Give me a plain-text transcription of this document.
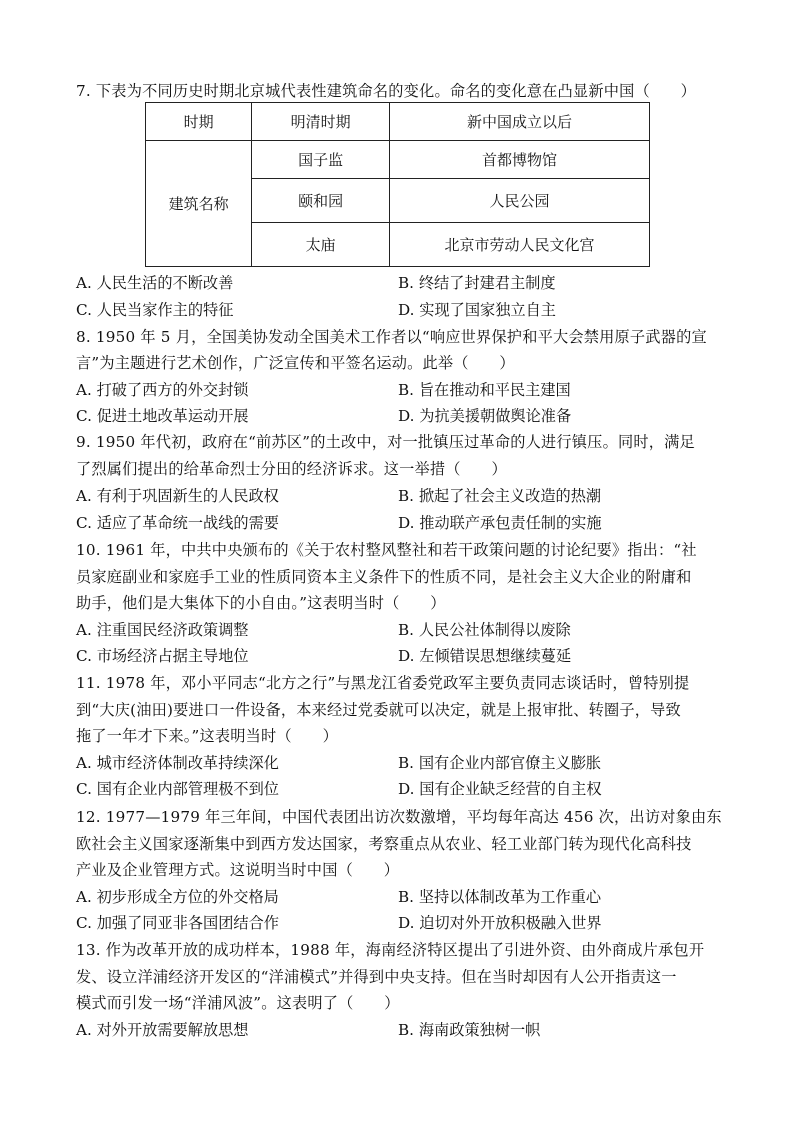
7. 下表为不同历史时期北京城代表性建筑命名的变化。命名的变化意在凸显新中国（　　）
时期	明清时期	新中国成立以后
建筑名称	国子监	首都博物馆
	颐和园	人民公园
	太庙	北京市劳动人民文化宫
A. 人民生活的不断改善	B. 终结了封建君主制度
C. 人民当家作主的特征	D. 实现了国家独立自主
8. 1950 年 5 月，全国美协发动全国美术工作者以“响应世界保护和平大会禁用原子武器的宣
言”为主题进行艺术创作，广泛宣传和平签名运动。此举（　　）
A. 打破了西方的外交封锁	B. 旨在推动和平民主建国
C. 促进土地改革运动开展	D. 为抗美援朝做舆论准备
9. 1950 年代初，政府在“前苏区”的土改中，对一批镇压过革命的人进行镇压。同时，满足
了烈属们提出的给革命烈士分田的经济诉求。这一举措（　　）
A. 有利于巩固新生的人民政权	B. 掀起了社会主义改造的热潮
C. 适应了革命统一战线的需要	D. 推动联产承包责任制的实施
10. 1961 年，中共中央颁布的《关于农村整风整社和若干政策问题的讨论纪要》指出：“社
员家庭副业和家庭手工业的性质同资本主义条件下的性质不同，是社会主义大企业的附庸和
助手，他们是大集体下的小自由。”这表明当时（　　）
A. 注重国民经济政策调整	B. 人民公社体制得以废除
C. 市场经济占据主导地位	D. 左倾错误思想继续蔓延
11. 1978 年，邓小平同志“北方之行”与黑龙江省委党政军主要负责同志谈话时，曾特别提
到“大庆(油田)要进口一件设备，本来经过党委就可以决定，就是上报审批、转圈子，导致
拖了一年才下来。”这表明当时（　　）
A. 城市经济体制改革持续深化	B. 国有企业内部官僚主义膨胀
C. 国有企业内部管理极不到位	D. 国有企业缺乏经营的自主权
12. 1977—1979 年三年间，中国代表团出访次数激增，平均每年高达 456 次，出访对象由东
欧社会主义国家逐渐集中到西方发达国家，考察重点从农业、轻工业部门转为现代化高科技
产业及企业管理方式。这说明当时中国（　　）
A. 初步形成全方位的外交格局	B. 坚持以体制改革为工作重心
C. 加强了同亚非各国团结合作	D. 迫切对外开放积极融入世界
13. 作为改革开放的成功样本，1988 年，海南经济特区提出了引进外资、由外商成片承包开
发、设立洋浦经济开发区的“洋浦模式”并得到中央支持。但在当时却因有人公开指责这一
模式而引发一场“洋浦风波”。这表明了（　　）
A. 对外开放需要解放思想	B. 海南政策独树一帜
